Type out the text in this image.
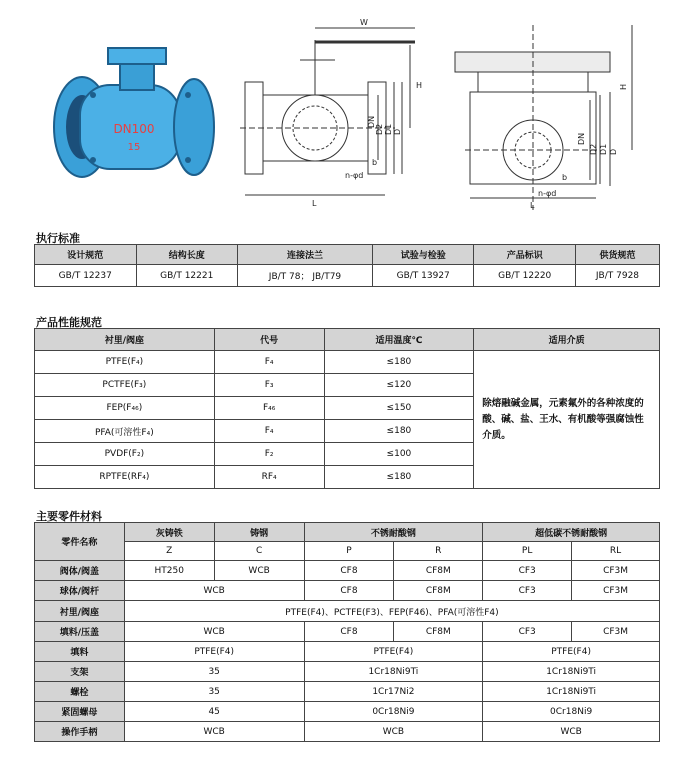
DN100
15
W
H
DN
D2 D1 D
L
n-φd
b
H
DN
D2 D1 D
L
n-φd
b
执行标准
设计规范	结构长度	连接法兰	试验与检验	产品标识	供货规范
GB/T 12237	GB/T 12221	JB/T 78； JB/T79	GB/T 13927	GB/T 12220	JB/T 7928
产品性能规范
衬里/阀座	代号	适用温度℃	适用介质
PTFE(F₄)	F₄	≤180	除熔融碱金属，元素氟外的各种浓度的酸、碱、盐、王水、有机酸等强腐蚀性介质。
PCTFE(F₃)	F₃	≤120	
FEP(F₄₆)	F₄₆	≤150	
PFA(可溶性F₄)	F₄	≤180	
PVDF(F₂)	F₂	≤100	
RPTFE(RF₄)	RF₄	≤180	
主要零件材料
零件名称	灰铸铁	铸钢	不锈耐酸钢		超低碳不锈耐酸钢	
	Z	C	P	R	PL	RL
阀体/阀盖	HT250	WCB	CF8	CF8M	CF3	CF3M
球体/阀杆	WCB		CF8	CF8M	CF3	CF3M
衬里/阀座	PTFE(F4)、PCTFE(F3)、FEP(F46)、PFA(可溶性F4)					
填料/压盖	WCB		CF8	CF8M	CF3	CF3M
填料	PTFE(F4)		PTFE(F4)		PTFE(F4)	
支架	35		1Cr18Ni9Ti		1Cr18Ni9Ti	
螺栓	35		1Cr17Ni2		1Cr18Ni9Ti	
紧固螺母	45		0Cr18Ni9		0Cr18Ni9	
操作手柄	WCB		WCB		WCB	
